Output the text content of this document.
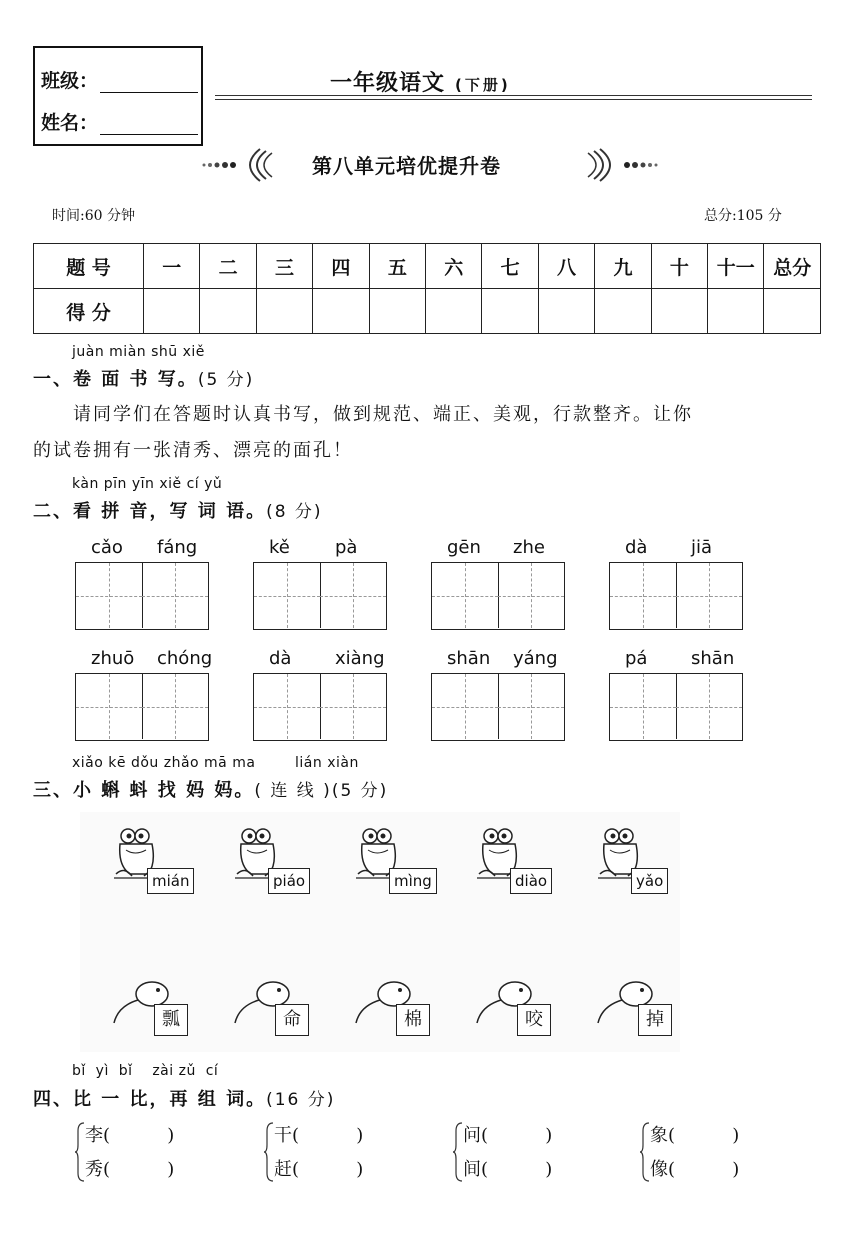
班级：
姓名：
一年级语文 (下册)
第八单元培优提升卷
时间:60 分钟	总分:105 分
题 号	一	二	三	四	五	六	七	八	九	十	十一	总分
得 分												
juàn miàn shū xiě
一、卷 面 书 写。(5 分)
请同学们在答题时认真书写，做到规范、端正、美观，行款整齐。让你
的试卷拥有一张清秀、漂亮的面孔！
kàn pīn yīn xiě cí yǔ
二、看 拼 音，写 词 语。(8 分)
cǎo fáng	kě	pà	gēn zhe	dà jiā
zhuō chóng	dà xiàng	shān yáng	pá shān
xiǎo kē dǒu zhǎo mā ma        lián xiàn
三、小 蝌 蚪 找 妈 妈。( 连 线 )(5 分)
mián	piáo	mìng	diào	yǎo
瓢	命	棉	咬	掉
bǐ  yì  bǐ    zài zǔ  cí
四、比 一 比，再 组 词。(16 分)
李(          )
秀(          )
干(          )
赶(          )
问(          )
间(          )
象(          )
像(          )
